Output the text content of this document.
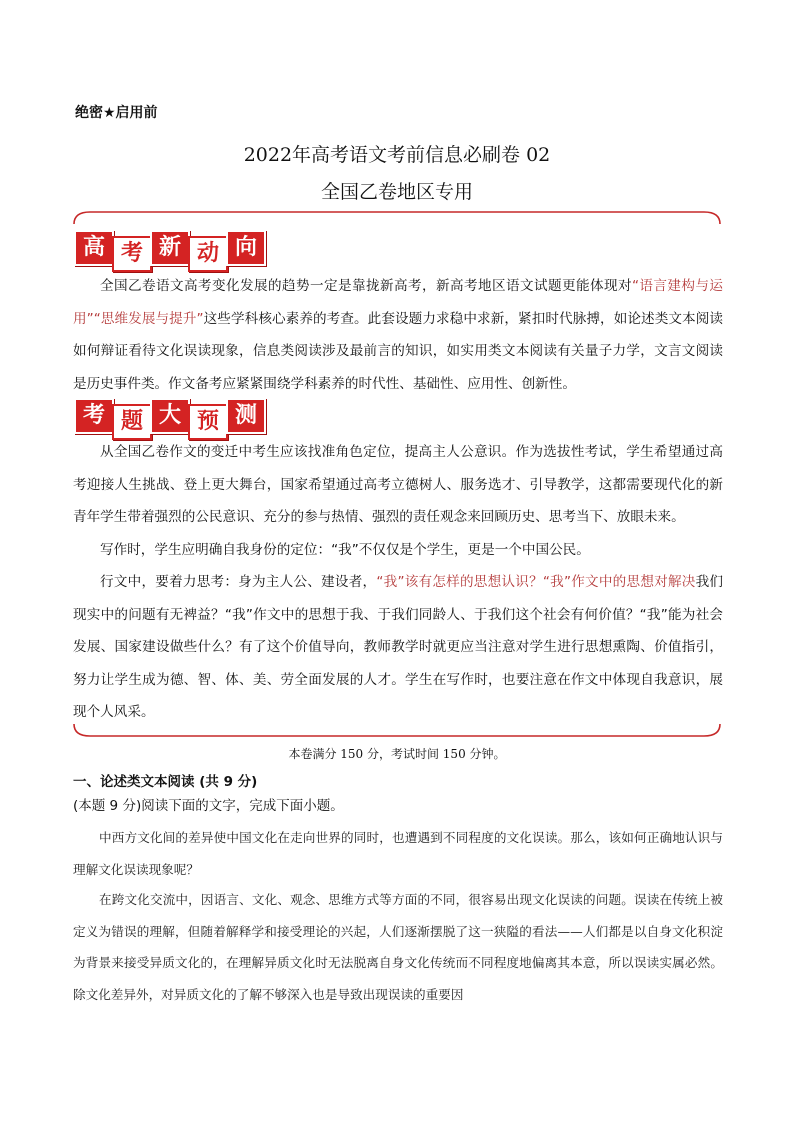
绝密★启用前
2022年高考语文考前信息必刷卷 02
全国乙卷地区专用
高 考 新 动 向

全国乙卷语文高考变化发展的趋势一定是靠拢新高考，新高考地区语文试题更能体现对“语言建构与运用”“思维发展与提升”这些学科核心素养的考查。此套设题力求稳中求新，紧扣时代脉搏，如论述类文本阅读如何辩证看待文化误读现象，信息类阅读涉及最前言的知识，如实用类文本阅读有关量子力学，文言文阅读是历史事件类。作文备考应紧紧围绕学科素养的时代性、基础性、应用性、创新性。

考 题 大 预 测

从全国乙卷作文的变迁中考生应该找准角色定位，提高主人公意识。作为选拔性考试，学生希望通过高考迎接人生挑战、登上更大舞台，国家希望通过高考立德树人、服务选才、引导教学，这都需要现代化的新青年学生带着强烈的公民意识、充分的参与热情、强烈的责任观念来回顾历史、思考当下、放眼未来。

写作时，学生应明确自我身份的定位：“我”不仅仅是个学生，更是一个中国公民。

行文中，要着力思考：身为主人公、建设者，“我”该有怎样的思想认识？“我”作文中的思想对解决我们现实中的问题有无裨益？“我”作文中的思想于我、于我们同龄人、于我们这个社会有何价值？“我”能为社会发展、国家建设做些什么？有了这个价值导向，教师教学时就更应当注意对学生进行思想熏陶、价值指引，努力让学生成为德、智、体、美、劳全面发展的人才。学生在写作时，也要注意在作文中体现自我意识，展现个人风采。

本卷满分 150 分，考试时间 150 分钟。
一、论述类文本阅读 (共 9 分)
(本题 9 分)阅读下面的文字，完成下面小题。

中西方文化间的差异使中国文化在走向世界的同时，也遭遇到不同程度的文化误读。那么，该如何正确地认识与理解文化误读现象呢？

在跨文化交流中，因语言、文化、观念、思维方式等方面的不同，很容易出现文化误读的问题。误读在传统上被定义为错误的理解，但随着解释学和接受理论的兴起，人们逐渐摆脱了这一狭隘的看法——人们都是以自身文化积淀为背景来接受异质文化的，在理解异质文化时无法脱离自身文化传统而不同程度地偏离其本意，所以误读实属必然。除文化差异外，对异质文化的了解不够深入也是导致出现误读的重要因
